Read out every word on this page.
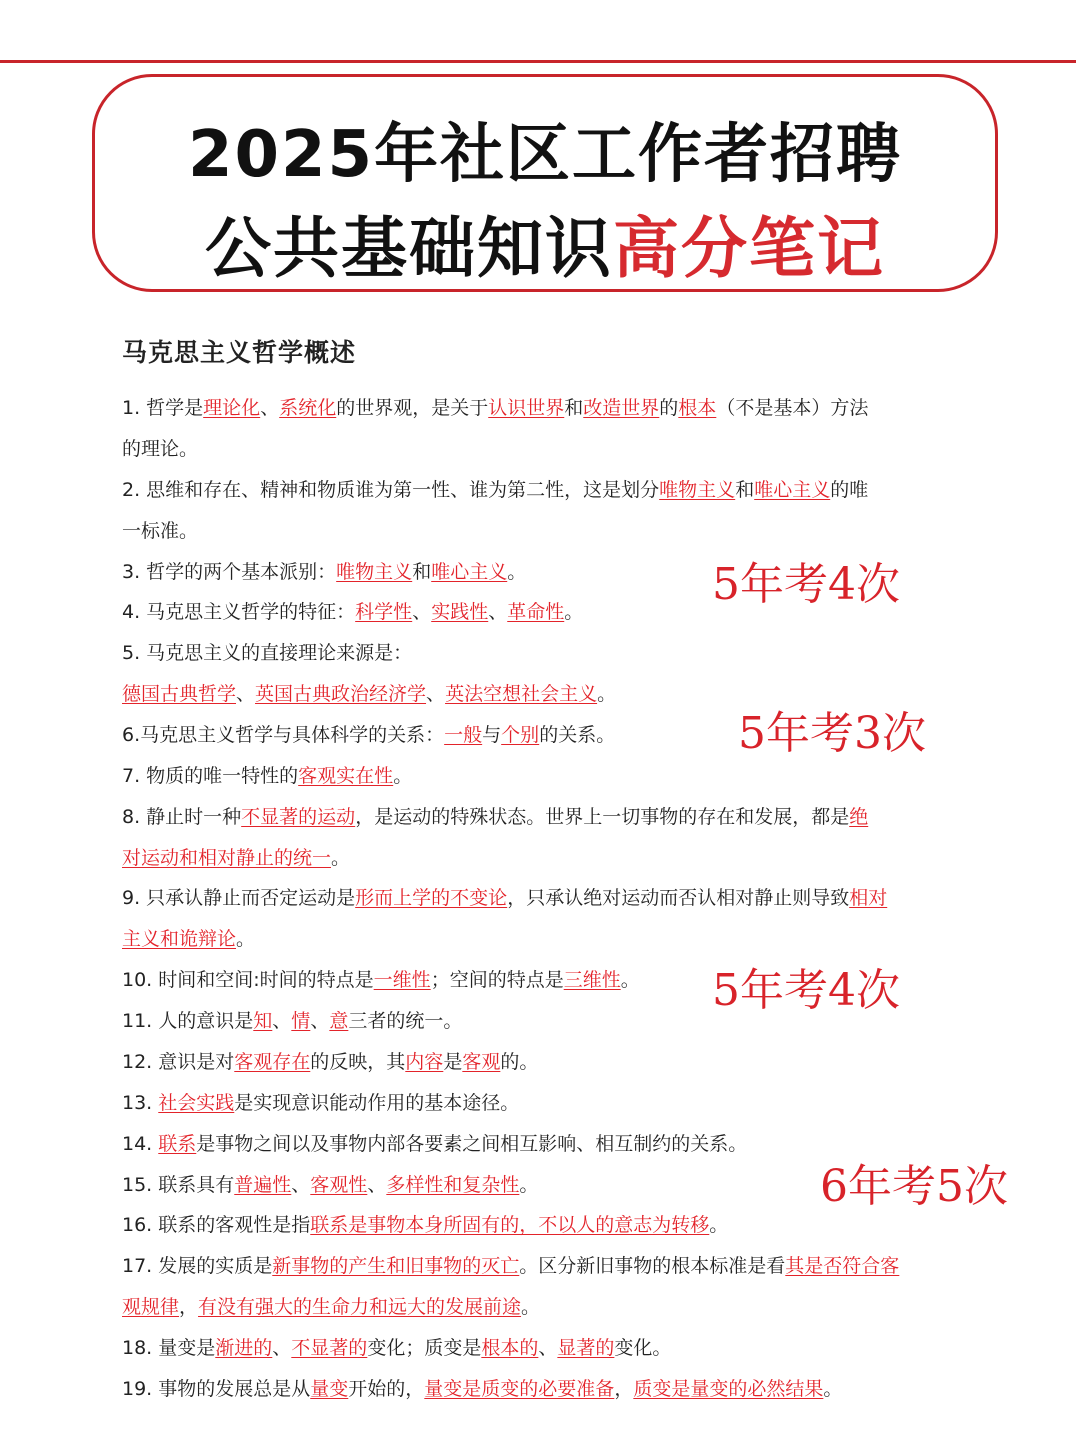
2025年社区工作者招聘
公共基础知识高分笔记
马克思主义哲学概述
1. 哲学是理论化、系统化的世界观，是关于认识世界和改造世界的根本（不是基本）方法
的理论。
2. 思维和存在、精神和物质谁为第一性、谁为第二性，这是划分唯物主义和唯心主义的唯
一标准。
3. 哲学的两个基本派别：唯物主义和唯心主义。
4. 马克思主义哲学的特征：科学性、实践性、革命性。
5. 马克思主义的直接理论来源是：
德国古典哲学、英国古典政治经济学、英法空想社会主义。
6.马克思主义哲学与具体科学的关系：一般与个别的关系。
7. 物质的唯一特性的客观实在性。
8. 静止时一种不显著的运动，是运动的特殊状态。世界上一切事物的存在和发展，都是绝
对运动和相对静止的统一。
9. 只承认静止而否定运动是形而上学的不变论，只承认绝对运动而否认相对静止则导致相对
主义和诡辩论。
10. 时间和空间:时间的特点是一维性；空间的特点是三维性。
11. 人的意识是知、情、意三者的统一。
12. 意识是对客观存在的反映，其内容是客观的。
13. 社会实践是实现意识能动作用的基本途径。
14. 联系是事物之间以及事物内部各要素之间相互影响、相互制约的关系。
15. 联系具有普遍性、客观性、多样性和复杂性。
16. 联系的客观性是指联系是事物本身所固有的，不以人的意志为转移。
17. 发展的实质是新事物的产生和旧事物的灭亡。区分新旧事物的根本标准是看其是否符合客
观规律，有没有强大的生命力和远大的发展前途。
18. 量变是渐进的、不显著的变化；质变是根本的、显著的变化。
19. 事物的发展总是从量变开始的，量变是质变的必要准备，质变是量变的必然结果。
5年考4次
5年考3次
5年考4次
6年考5次
